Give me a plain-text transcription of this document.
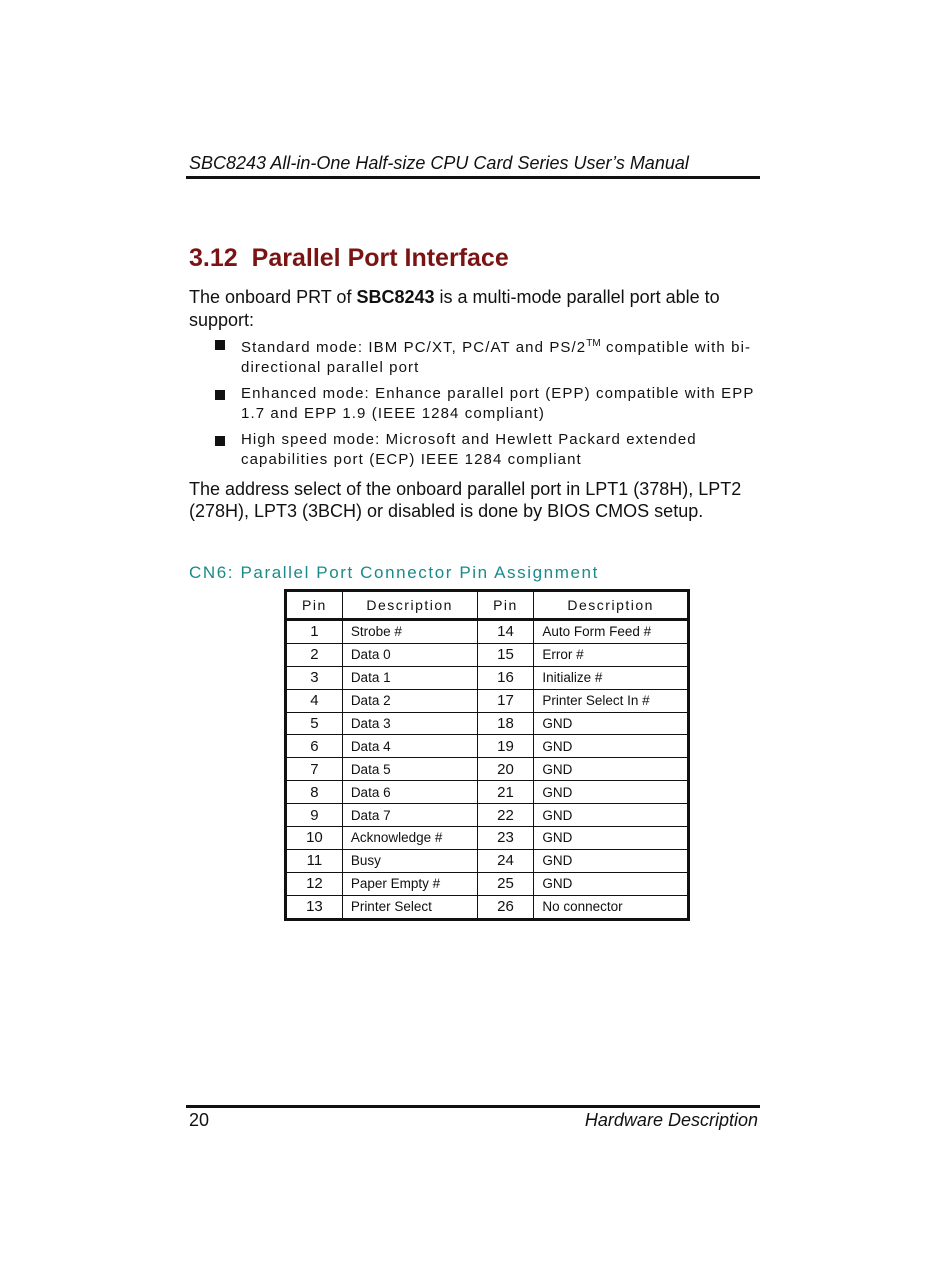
SBC8243 All-in-One Half-size CPU Card Series User’s Manual
3.12 Parallel Port Interface

The onboard PRT of SBC8243 is a multi-mode parallel port able to support:

Standard mode: IBM PC/XT, PC/AT and PS/2™ compatible with bi-directional parallel port
Enhanced mode: Enhance parallel port (EPP) compatible with EPP 1.7 and EPP 1.9 (IEEE 1284 compliant)
High speed mode: Microsoft and Hewlett Packard extended capabilities port (ECP) IEEE 1284 compliant

The address select of the onboard parallel port in LPT1 (378H), LPT2 (278H), LPT3 (3BCH) or disabled is done by BIOS CMOS setup.

CN6: Parallel Port Connector Pin Assignment
Pin	Description	Pin	Description
1	Strobe #	14	Auto Form Feed #
2	Data 0	15	Error #
3	Data 1	16	Initialize #
4	Data 2	17	Printer Select In #
5	Data 3	18	GND
6	Data 4	19	GND
7	Data 5	20	GND
8	Data 6	21	GND
9	Data 7	22	GND
10	Acknowledge #	23	GND
11	Busy	24	GND
12	Paper Empty #	25	GND
13	Printer Select	26	No connector
20	Hardware Description
